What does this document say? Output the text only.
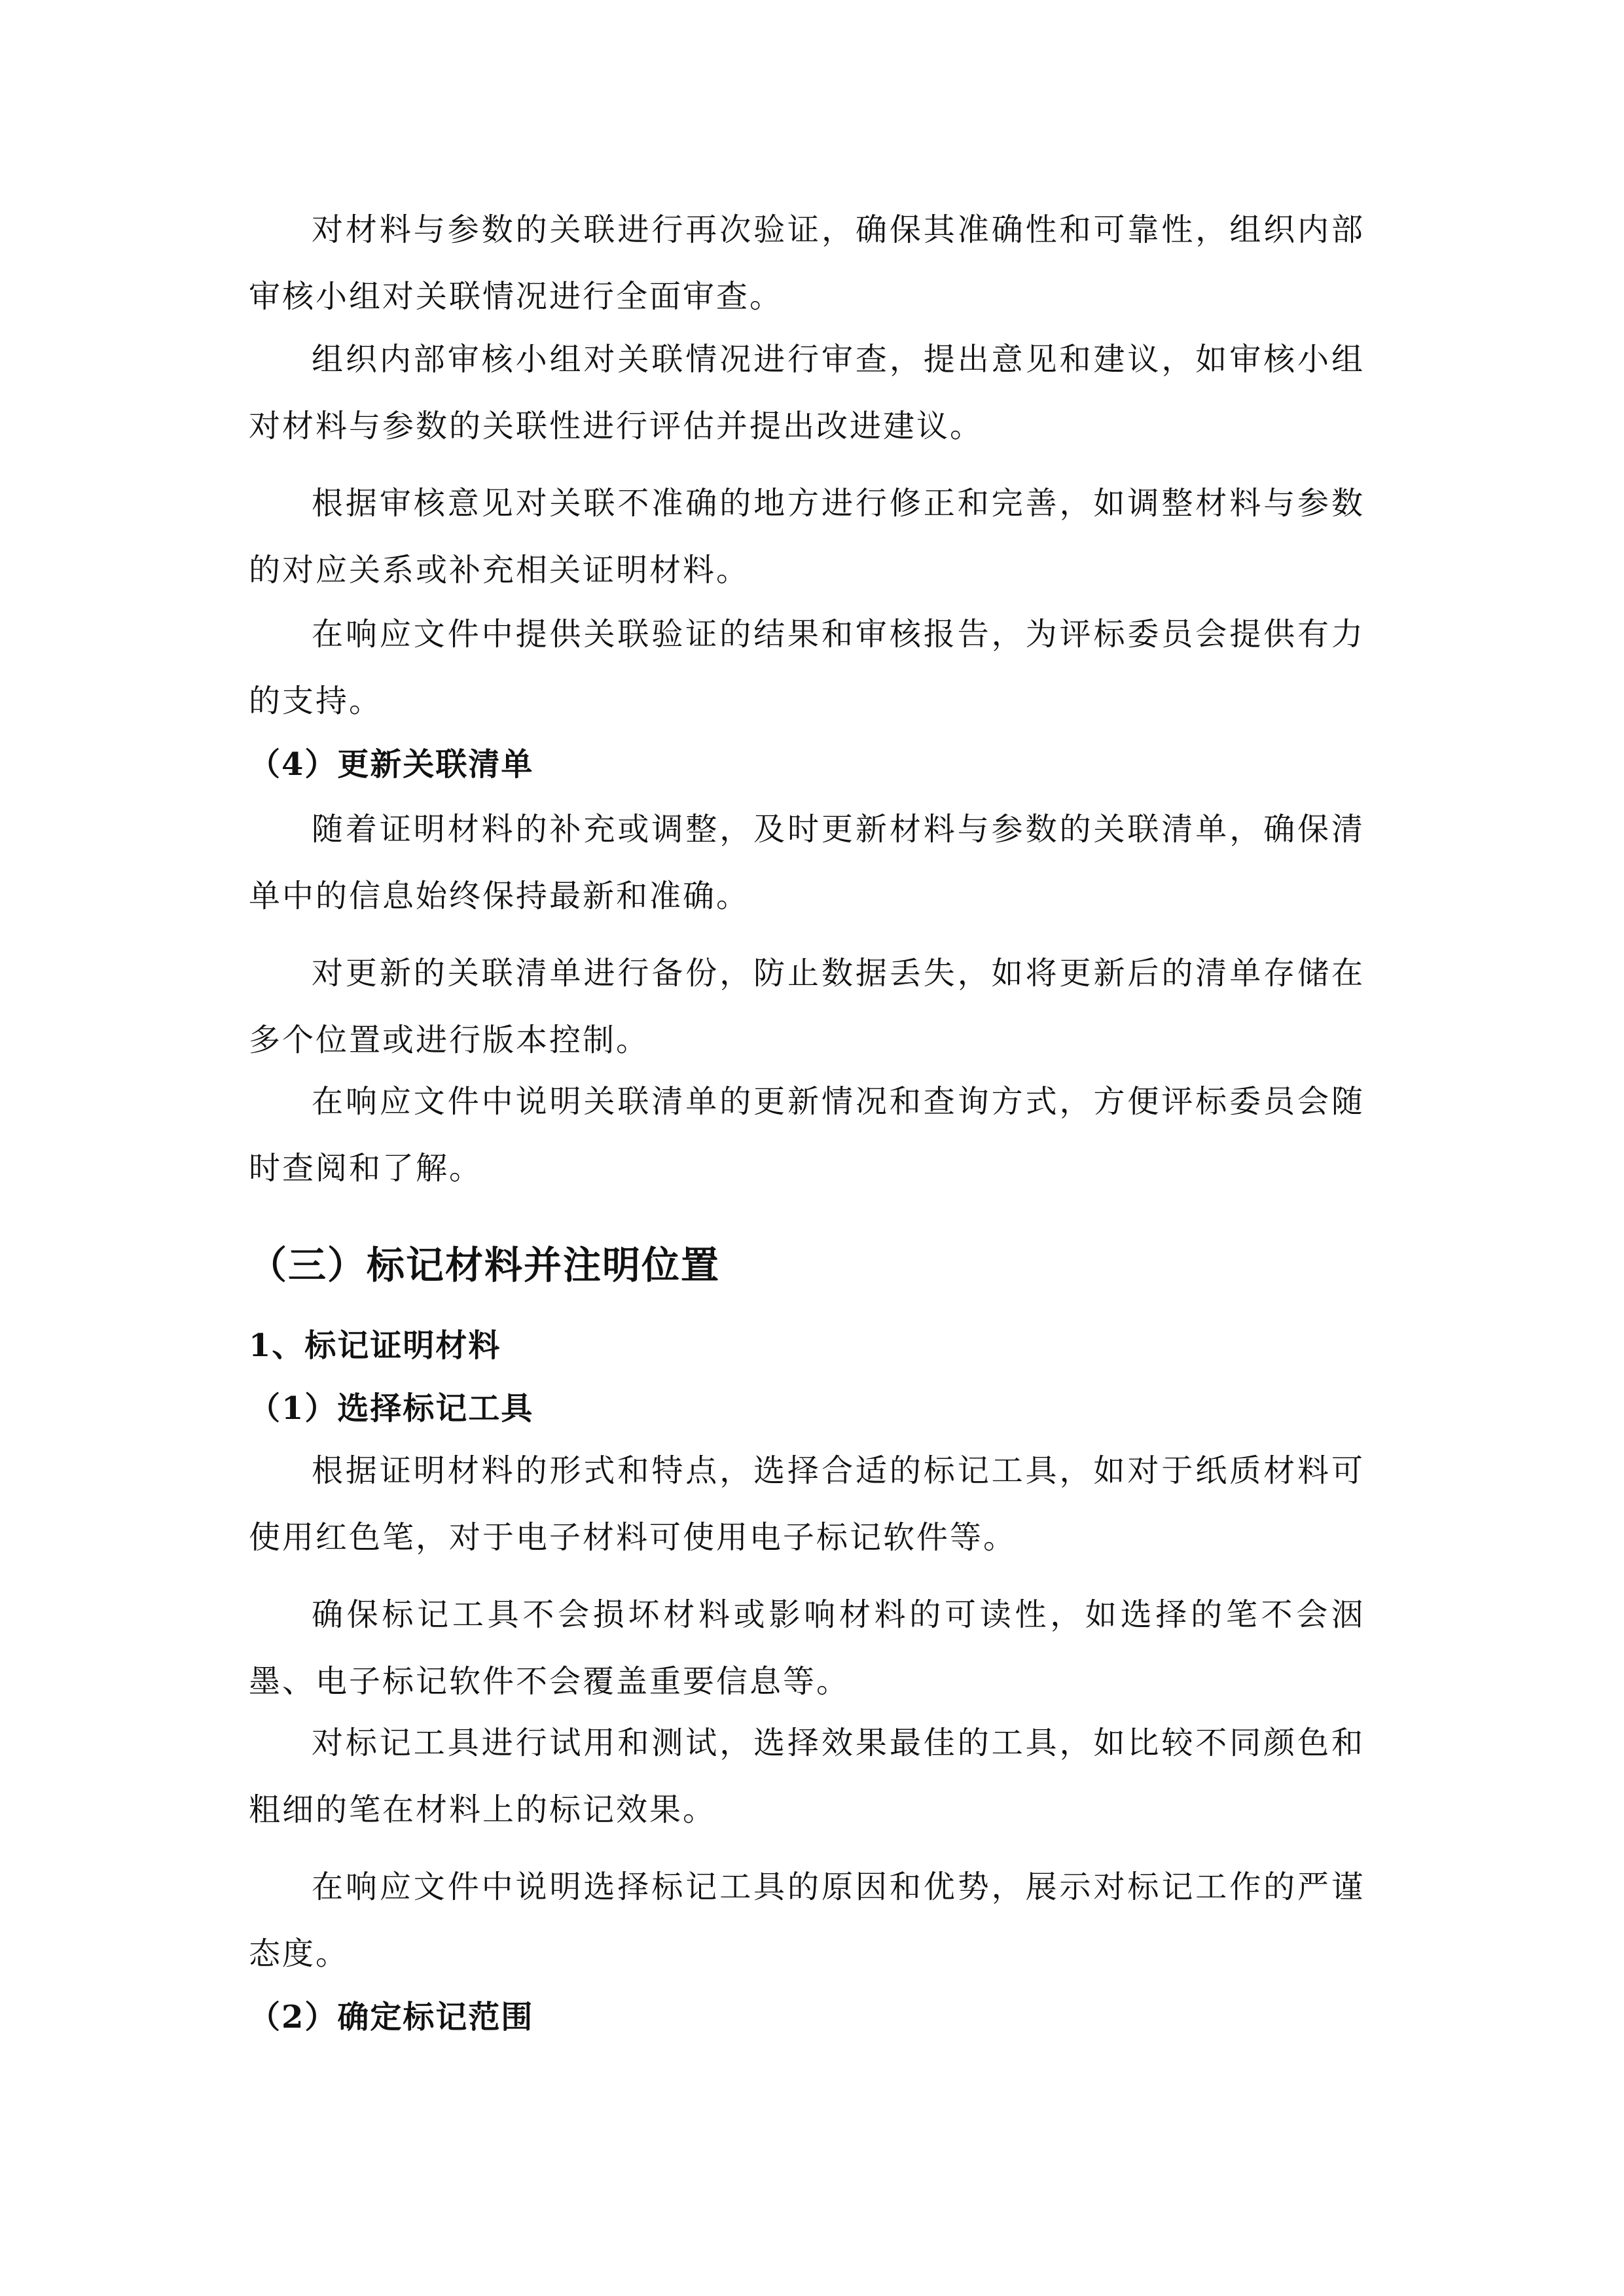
对材料与参数的关联进行再次验证，确保其准确性和可靠性，组织内部审核小组对关联情况进行全面审查。

组织内部审核小组对关联情况进行审查，提出意见和建议，如审核小组对材料与参数的关联性进行评估并提出改进建议。

根据审核意见对关联不准确的地方进行修正和完善，如调整材料与参数的对应关系或补充相关证明材料。

在响应文件中提供关联验证的结果和审核报告，为评标委员会提供有力的支持。

（4）更新关联清单

随着证明材料的补充或调整，及时更新材料与参数的关联清单，确保清单中的信息始终保持最新和准确。

对更新的关联清单进行备份，防止数据丢失，如将更新后的清单存储在多个位置或进行版本控制。

在响应文件中说明关联清单的更新情况和查询方式，方便评标委员会随时查阅和了解。

（三）标记材料并注明位置
1、标记证明材料
（1）选择标记工具

根据证明材料的形式和特点，选择合适的标记工具，如对于纸质材料可使用红色笔，对于电子材料可使用电子标记软件等。

确保标记工具不会损坏材料或影响材料的可读性，如选择的笔不会洇墨、电子标记软件不会覆盖重要信息等。

对标记工具进行试用和测试，选择效果最佳的工具，如比较不同颜色和粗细的笔在材料上的标记效果。

在响应文件中说明选择标记工具的原因和优势，展示对标记工作的严谨态度。

（2）确定标记范围
